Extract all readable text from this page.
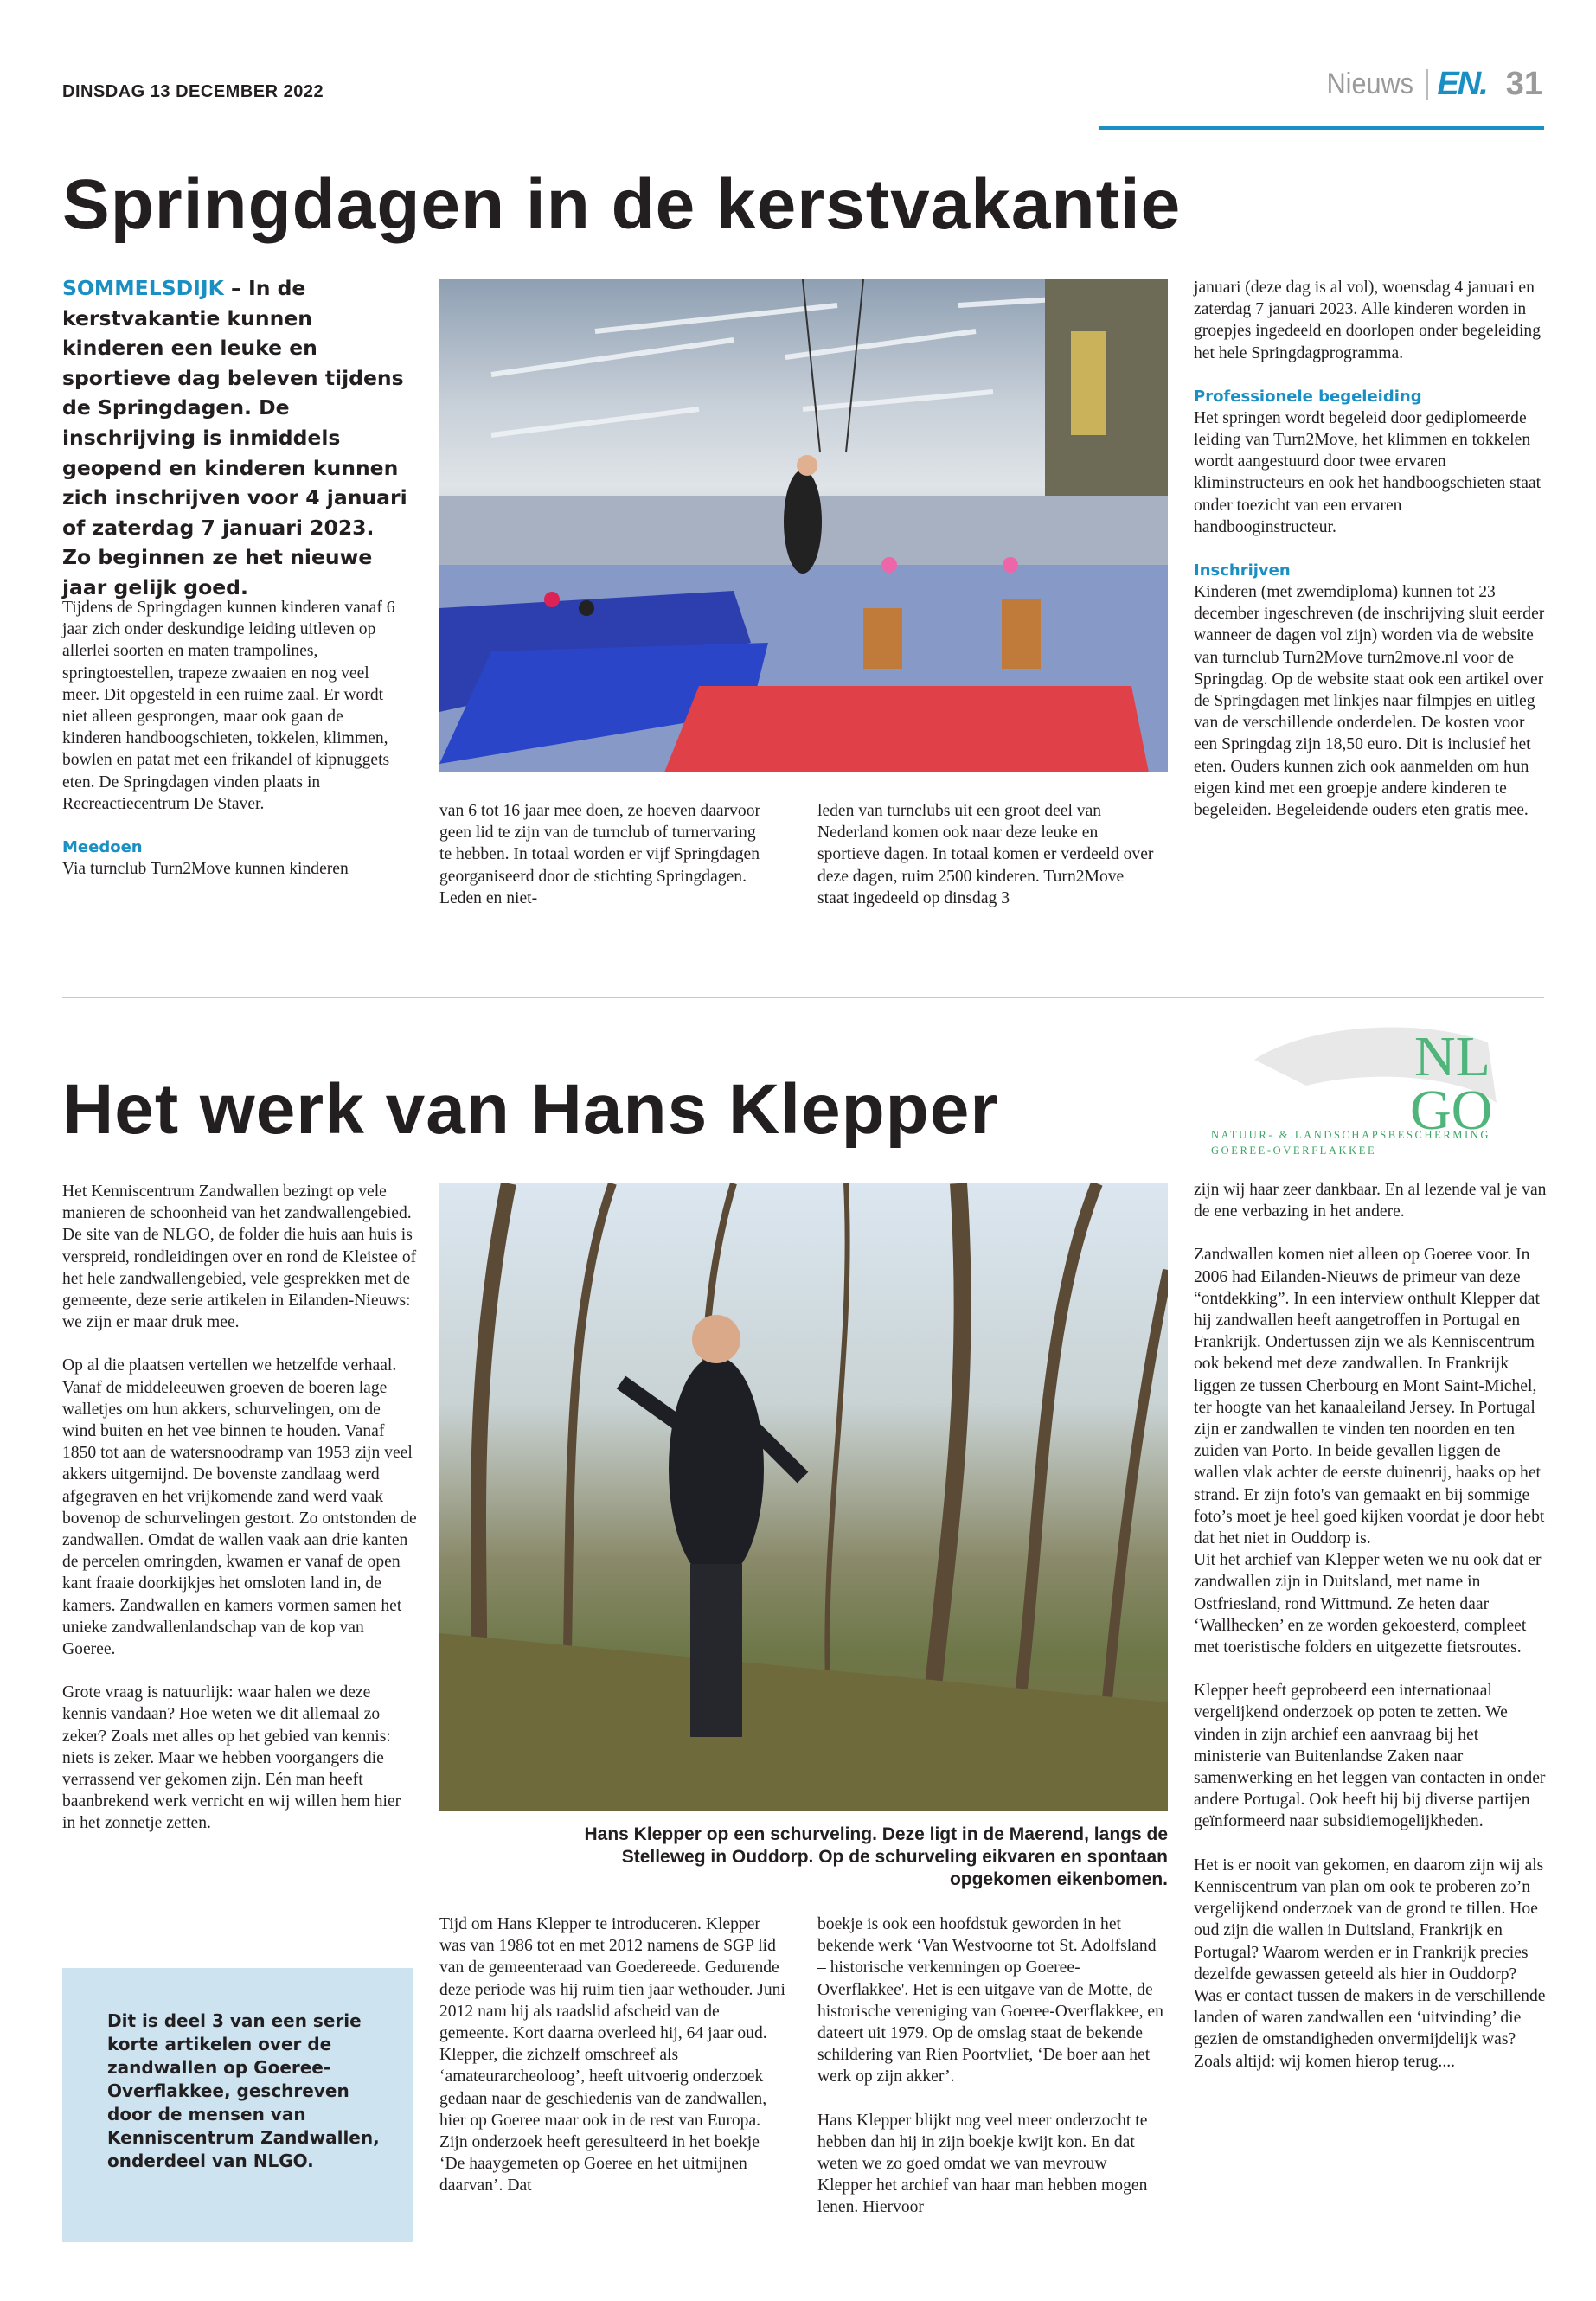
DINSDAG 13 DECEMBER 2022	Nieuws EN. 31
Springdagen in de kerstvakantie
SOMMELSDIJK – In de kerstvakantie kunnen kinderen een leuke en sportieve dag beleven tijdens de Springdagen. De inschrijving is inmiddels geopend en kinderen kunnen zich inschrijven voor 4 januari of zaterdag 7 januari 2023. Zo beginnen ze het nieuwe jaar gelijk goed.

Tijdens de Springdagen kunnen kinderen vanaf 6 jaar zich onder deskundige leiding uitleven op allerlei soorten en maten trampolines, springtoestellen, trapeze zwaaien en nog veel meer. Dit opgesteld in een ruime zaal. Er wordt niet alleen gesprongen, maar ook gaan de kinderen handboogschieten, tokkelen, klimmen, bowlen en patat met een frikandel of kipnuggets eten. De Springdagen vinden plaats in Recreactiecentrum De Staver.

Meedoen

Via turnclub Turn2Move kunnen kinderen

van 6 tot 16 jaar mee doen, ze hoeven daarvoor geen lid te zijn van de turnclub of turnervaring te hebben. In totaal worden er vijf Springdagen georganiseerd door de stichting Springdagen. Leden en niet-

leden van turnclubs uit een groot deel van Nederland komen ook naar deze leuke en sportieve dagen. In totaal komen er verdeeld over deze dagen, ruim 2500 kinderen. Turn2Move staat ingedeeld op dinsdag 3

januari (deze dag is al vol), woensdag 4 januari en zaterdag 7 januari 2023. Alle kinderen worden in groepjes ingedeeld en doorlopen onder begeleiding het hele Springdagprogramma.

Professionele begeleiding

Het springen wordt begeleid door gediplomeerde leiding van Turn2Move, het klimmen en tokkelen wordt aangestuurd door twee ervaren kliminstructeurs en ook het handboogschieten staat onder toezicht van een ervaren handbooginstructeur.

Inschrijven

Kinderen (met zwemdiploma) kunnen tot 23 december ingeschreven (de inschrijving sluit eerder wanneer de dagen vol zijn) worden via de website van turnclub Turn2Move turn2move.nl voor de Springdag. Op de website staat ook een artikel over de Springdagen met linkjes naar filmpjes en uitleg van de verschillende onderdelen. De kosten voor een Springdag zijn 18,50 euro. Dit is inclusief het eten. Ouders kunnen zich ook aanmelden om hun eigen kind met een groepje andere kinderen te begeleiden. Begeleidende ouders eten gratis mee.

NL
GO
NATUUR- & LANDSCHAPSBESCHERMING
GOEREE-OVERFLAKKEE
Het werk van Hans Klepper

Het Kenniscentrum Zandwallen bezingt op vele manieren de schoonheid van het zandwallengebied. De site van de NLGO, de folder die huis aan huis is verspreid, rondleidingen over en rond de Kleistee of het hele zandwallengebied, vele gesprekken met de gemeente, deze serie artikelen in Eilanden-Nieuws: we zijn er maar druk mee.

Op al die plaatsen vertellen we hetzelfde verhaal. Vanaf de middeleeuwen groeven de boeren lage walletjes om hun akkers, schurvelingen, om de wind buiten en het vee binnen te houden. Vanaf 1850 tot aan de watersnoodramp van 1953 zijn veel akkers uitgemijnd. De bovenste zandlaag werd afgegraven en het vrijkomende zand werd vaak bovenop de schurvelingen gestort. Zo ontstonden de zandwallen. Omdat de wallen vaak aan drie kanten de percelen omringden, kwamen er vanaf de open kant fraaie doorkijkjes het omsloten land in, de kamers. Zandwallen en kamers vormen samen het unieke zandwallenlandschap van de kop van Goeree.

Grote vraag is natuurlijk: waar halen we deze kennis vandaan? Hoe weten we dit allemaal zo zeker? Zoals met alles op het gebied van kennis: niets is zeker. Maar we hebben voorgangers die verrassend ver gekomen zijn. Eén man heeft baanbrekend werk verricht en wij willen hem hier in het zonnetje zetten.

Dit is deel 3 van een serie korte artikelen over de zandwallen op Goeree-Overflakkee, geschreven door de mensen van Kenniscentrum Zandwallen, onderdeel van NLGO.
Hans Klepper op een schurveling. Deze ligt in de Maerend, langs de Stelleweg in Ouddorp. Op de schurveling eikvaren en spontaan opgekomen eikenbomen.

Tijd om Hans Klepper te introduceren. Klepper was van 1986 tot en met 2012 namens de SGP lid van de gemeenteraad van Goedereede. Gedurende deze periode was hij ruim tien jaar wethouder. Juni 2012 nam hij als raadslid afscheid van de gemeente. Kort daarna overleed hij, 64 jaar oud.

Klepper, die zichzelf omschreef als ‘amateurarcheoloog’, heeft uitvoerig onderzoek gedaan naar de geschiedenis van de zandwallen, hier op Goeree maar ook in de rest van Europa. Zijn onderzoek heeft geresulteerd in het boekje ‘De haaygemeten op Goeree en het uitmijnen daarvan’. Dat

boekje is ook een hoofdstuk geworden in het bekende werk ‘Van Westvoorne tot St. Adolfsland – historische verkenningen op Goeree-Overflakkee'. Het is een uitgave van de Motte, de historische vereniging van Goeree-Overflakkee, en dateert uit 1979. Op de omslag staat de bekende schildering van Rien Poortvliet, ‘De boer aan het werk op zijn akker’.

Hans Klepper blijkt nog veel meer onderzocht te hebben dan hij in zijn boekje kwijt kon. En dat weten we zo goed omdat we van mevrouw Klepper het archief van haar man hebben mogen lenen. Hiervoor

zijn wij haar zeer dankbaar. En al lezende val je van de ene verbazing in het andere.

Zandwallen komen niet alleen op Goeree voor. In 2006 had Eilanden-Nieuws de primeur van deze “ontdekking”. In een interview onthult Klepper dat hij zandwallen heeft aangetroffen in Portugal en Frankrijk. Ondertussen zijn we als Kenniscentrum ook bekend met deze zandwallen. In Frankrijk liggen ze tussen Cherbourg en Mont Saint-Michel, ter hoogte van het kanaaleiland Jersey. In Portugal zijn er zandwallen te vinden ten noorden en ten zuiden van Porto. In beide gevallen liggen de wallen vlak achter de eerste duinenrij, haaks op het strand. Er zijn foto's van gemaakt en bij sommige foto’s moet je heel goed kijken voordat je door hebt dat het niet in Ouddorp is.

Uit het archief van Klepper weten we nu ook dat er zandwallen zijn in Duitsland, met name in Ostfriesland, rond Wittmund. Ze heten daar ‘Wallhecken’ en ze worden gekoesterd, compleet met toeristische folders en uitgezette fietsroutes.

Klepper heeft geprobeerd een internationaal vergelijkend onderzoek op poten te zetten. We vinden in zijn archief een aanvraag bij het ministerie van Buitenlandse Zaken naar samenwerking en het leggen van contacten in onder andere Portugal. Ook heeft hij bij diverse partijen geïnformeerd naar subsidiemogelijkheden.

Het is er nooit van gekomen, en daarom zijn wij als Kenniscentrum van plan om ook te proberen zo’n vergelijkend onderzoek van de grond te tillen. Hoe oud zijn die wallen in Duitsland, Frankrijk en Portugal? Waarom werden er in Frankrijk precies dezelfde gewassen geteeld als hier in Ouddorp? Was er contact tussen de makers in de verschillende landen of waren zandwallen een ‘uitvinding’ die gezien de omstandigheden onvermijdelijk was? Zoals altijd: wij komen hierop terug....
